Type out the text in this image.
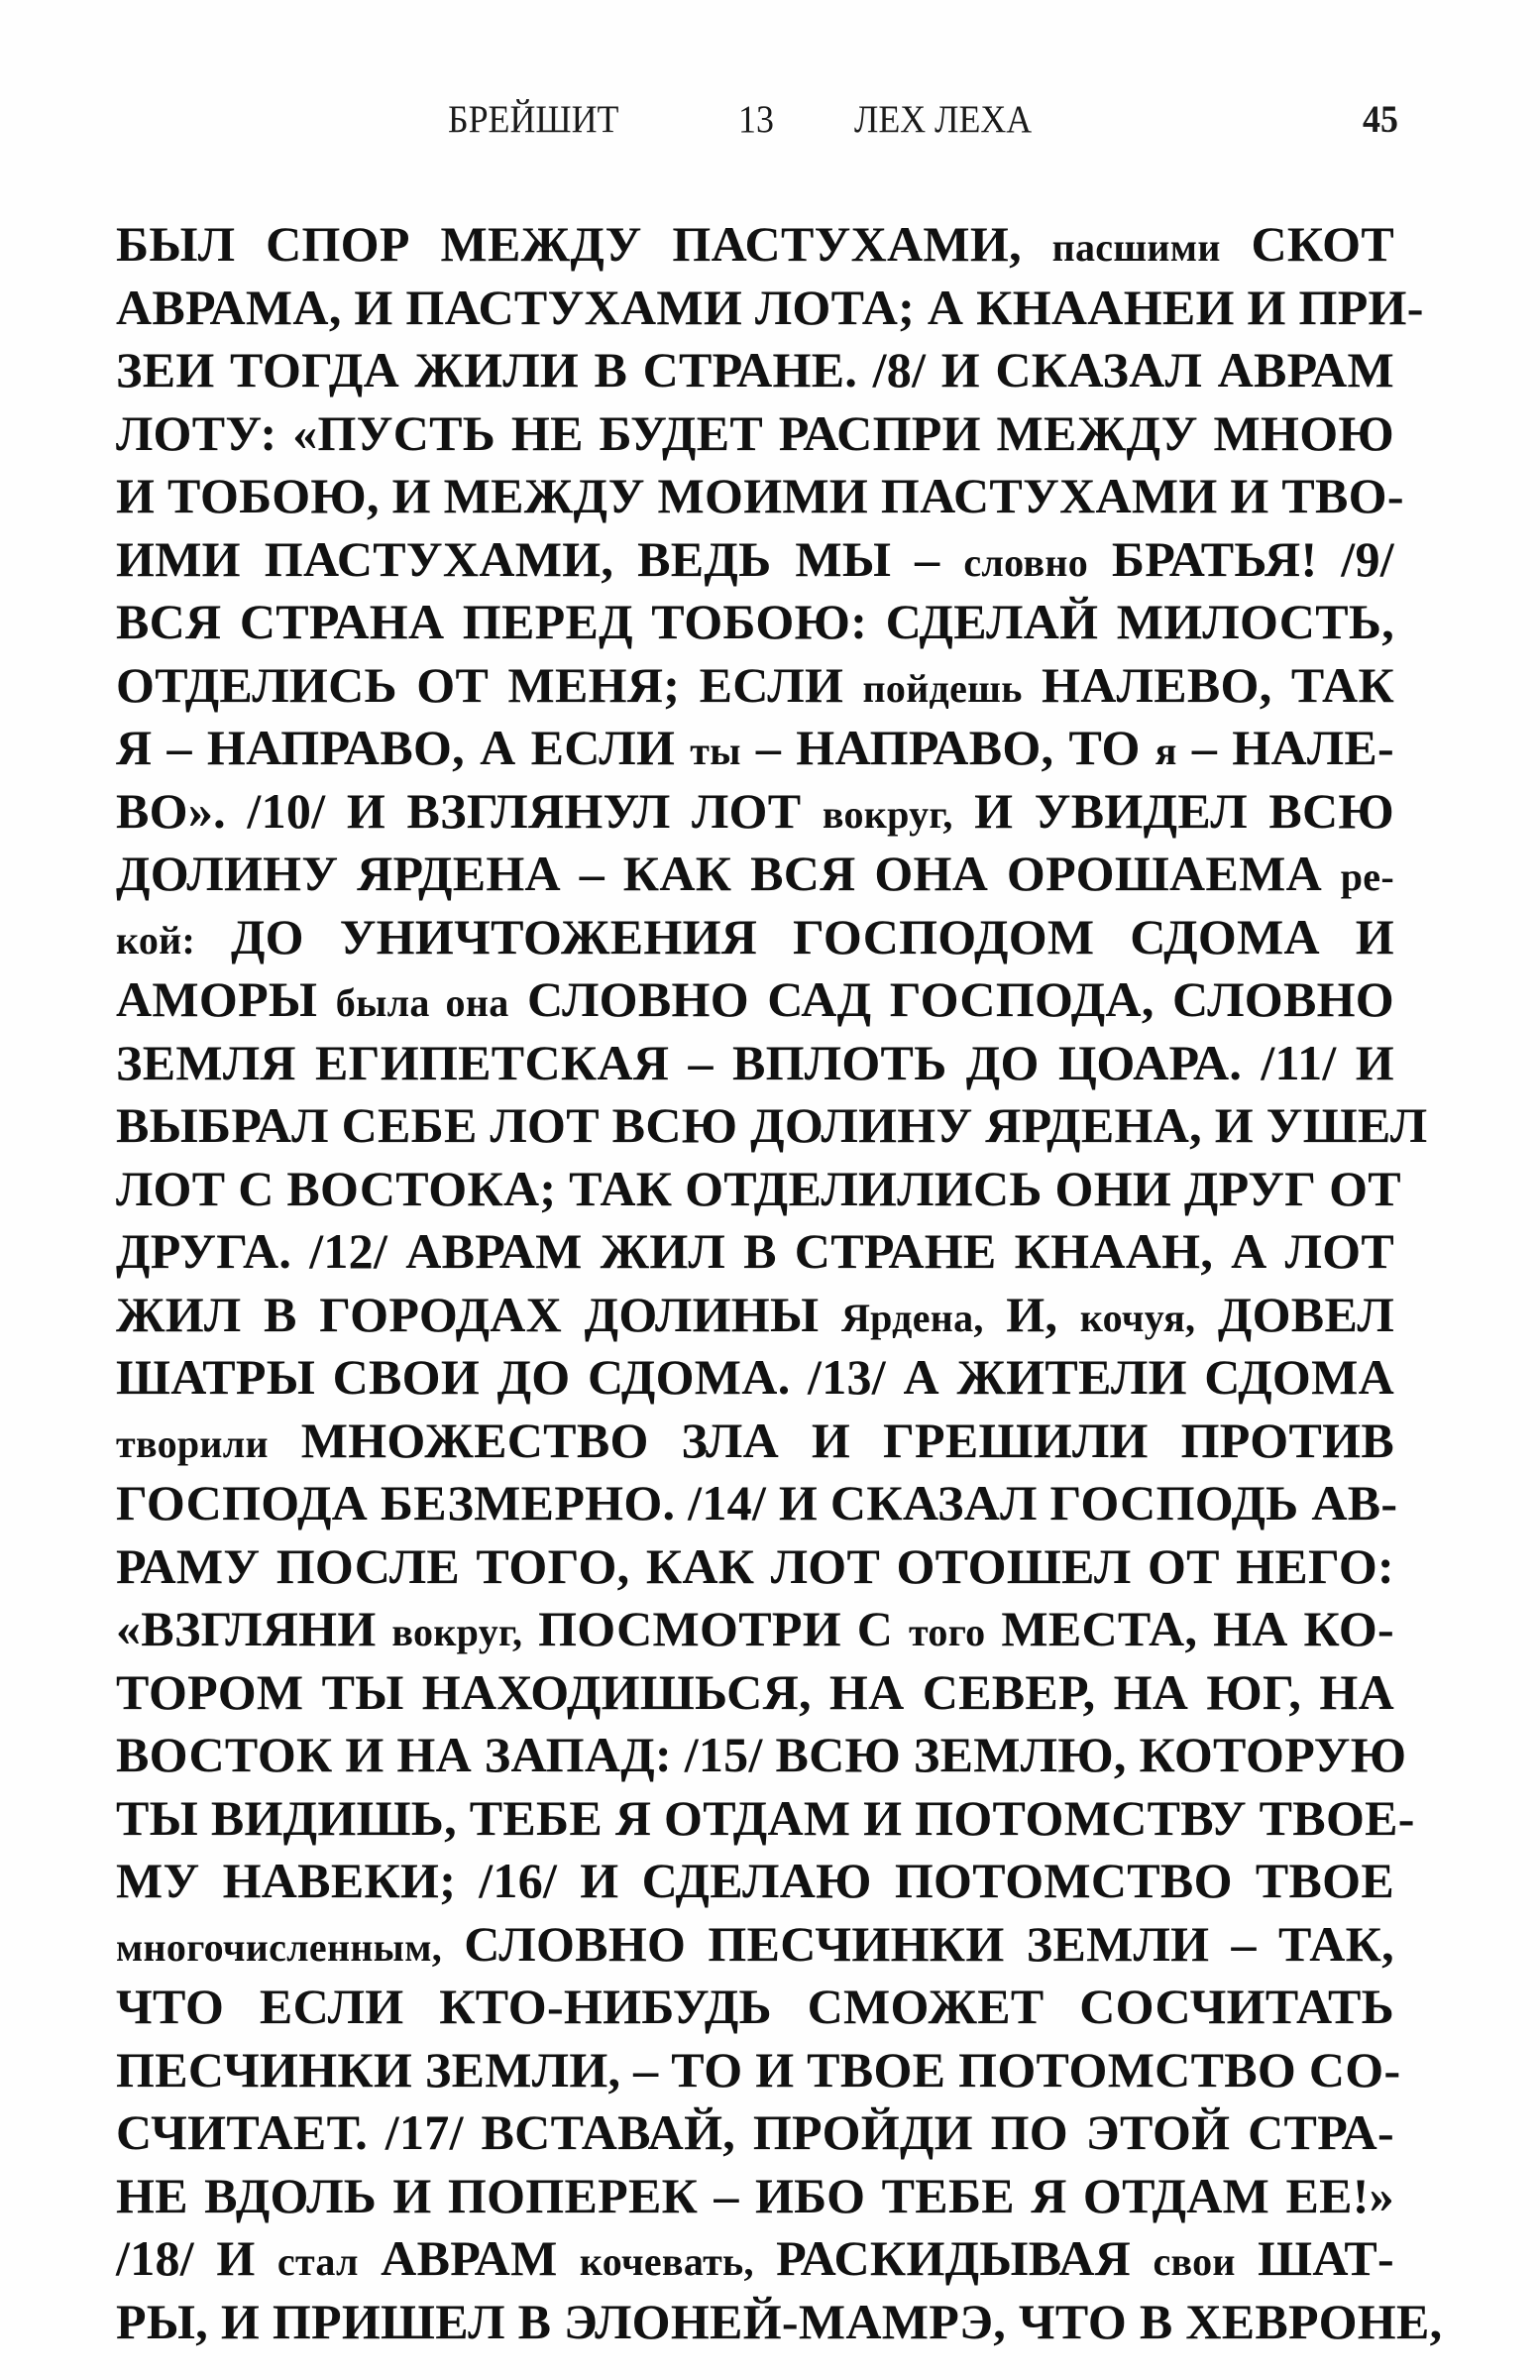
БРЕЙШИТ	13 ЛЕХ ЛЕХА	45
БЫЛ СПОР МЕЖДУ ПАСТУХАМИ, пасшими СКОТ
АВРАМА, И ПАСТУХАМИ ЛОТА; А КНААНЕИ И ПРИ-
ЗЕИ ТОГДА ЖИЛИ В СТРАНЕ. /8/ И СКАЗАЛ АВРАМ
ЛОТУ: «ПУСТЬ НЕ БУДЕТ РАСПРИ МЕЖДУ МНОЮ
И ТОБОЮ, И МЕЖДУ МОИМИ ПАСТУХАМИ И ТВО-
ИМИ ПАСТУХАМИ, ВЕДЬ МЫ – словно БРАТЬЯ! /9/
ВСЯ СТРАНА ПЕРЕД ТОБОЮ: СДЕЛАЙ МИЛОСТЬ,
ОТДЕЛИСЬ ОТ МЕНЯ; ЕСЛИ пойдешь НАЛЕВО, ТАК
Я – НАПРАВО, А ЕСЛИ ты – НАПРАВО, ТО я – НАЛЕ-
ВО». /10/ И ВЗГЛЯНУЛ ЛОТ вокруг, И УВИДЕЛ ВСЮ
ДОЛИНУ ЯРДЕНА – КАК ВСЯ ОНА ОРОШАЕМА ре-
кой: ДО УНИЧТОЖЕНИЯ ГОСПОДОМ СДОМА И
АМОРЫ была она СЛОВНО САД ГОСПОДА, СЛОВНО
ЗЕМЛЯ ЕГИПЕТСКАЯ – ВПЛОТЬ ДО ЦОАРА. /11/ И
ВЫБРАЛ СЕБЕ ЛОТ ВСЮ ДОЛИНУ ЯРДЕНА, И УШЕЛ
ЛОТ С ВОСТОКА; ТАК ОТДЕЛИЛИСЬ ОНИ ДРУГ ОТ
ДРУГА. /12/ АВРАМ ЖИЛ В СТРАНЕ КНААН, А ЛОТ
ЖИЛ В ГОРОДАХ ДОЛИНЫ Ярдена, И, кочуя, ДОВЕЛ
ШАТРЫ СВОИ ДО СДОМА. /13/ А ЖИТЕЛИ СДОМА
творили МНОЖЕСТВО ЗЛА И ГРЕШИЛИ ПРОТИВ
ГОСПОДА БЕЗМЕРНО. /14/ И СКАЗАЛ ГОСПОДЬ АВ-
РАМУ ПОСЛЕ ТОГО, КАК ЛОТ ОТОШЕЛ ОТ НЕГО:
«ВЗГЛЯНИ вокруг, ПОСМОТРИ С того МЕСТА, НА КО-
ТОРОМ ТЫ НАХОДИШЬСЯ, НА СЕВЕР, НА ЮГ, НА
ВОСТОК И НА ЗАПАД: /15/ ВСЮ ЗЕМЛЮ, КОТОРУЮ
ТЫ ВИДИШЬ, ТЕБЕ Я ОТДАМ И ПОТОМСТВУ ТВОЕ-
МУ НАВЕКИ; /16/ И СДЕЛАЮ ПОТОМСТВО ТВОЕ
многочисленным, СЛОВНО ПЕСЧИНКИ ЗЕМЛИ – ТАК,
ЧТО ЕСЛИ КТО-НИБУДЬ СМОЖЕТ СОСЧИТАТЬ
ПЕСЧИНКИ ЗЕМЛИ, – ТО И ТВОЕ ПОТОМСТВО СО-
СЧИТАЕТ. /17/ ВСТАВАЙ, ПРОЙДИ ПО ЭТОЙ СТРА-
НЕ ВДОЛЬ И ПОПЕРЕК – ИБО ТЕБЕ Я ОТДАМ ЕЕ!»
/18/ И стал АВРАМ кочевать, РАСКИДЫВАЯ свои ШАТ-
РЫ, И ПРИШЕЛ В ЭЛОНЕЙ-МАМРЭ, ЧТО В ХЕВРОНЕ,
